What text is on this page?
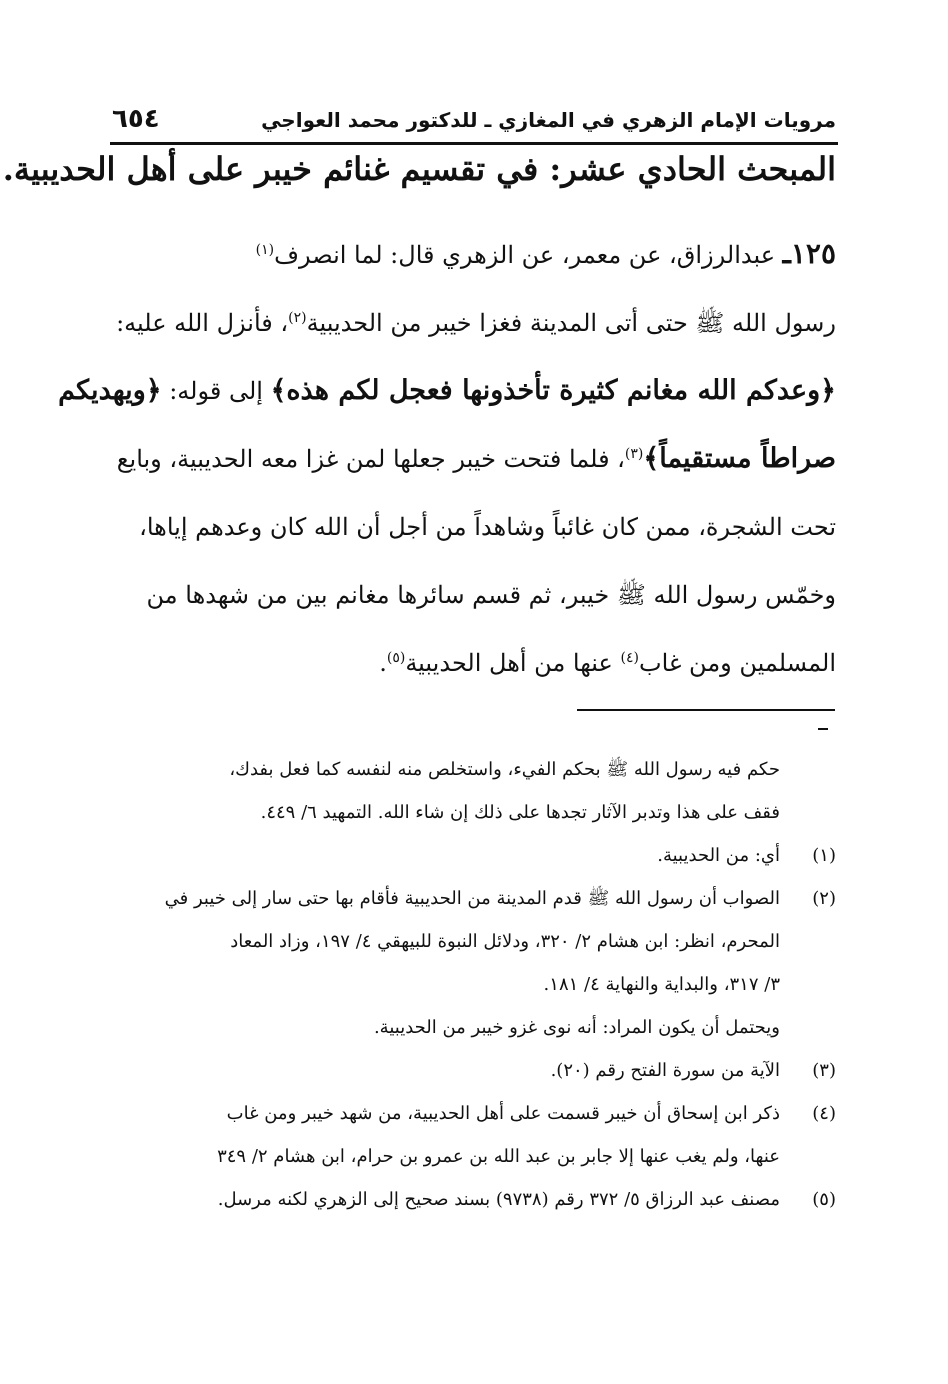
مرويات الإمام الزهري في المغازي ـ للدكتور محمد العواجي
٦٥٤
المبحث الحادي عشر: في تقسيم غنائم خيبر على أهل الحديبية.
١٢٥ـ عبدالرزاق، عن معمر، عن الزهري قال: لما انصرف$^{(١)}$
رسول الله ﷺ حتى أتى المدينة فغزا خيبر من الحديبية$^{(٢)}$، فأنزل الله عليه:
﴿وعدكم الله مغانم كثيرة تأخذونها فعجل لكم هذه﴾ إلى قوله: ﴿ويهديكم
صراطاً مستقيماً﴾$^{(٣)}$، فلما فتحت خيبر جعلها لمن غزا معه الحديبية، وبايع
تحت الشجرة، ممن كان غائباً وشاهداً من أجل أن الله كان وعدهم إياها،
وخمّس رسول الله ﷺ خيبر، ثم قسم سائرها مغانم بين من شهدها من
المسلمين ومن غاب$^{(٤)}$ عنها من أهل الحديبية$^{(٥)}$.
حكم فيه رسول الله ﷺ بحكم الفيء، واستخلص منه لنفسه كما فعل بفدك،
فقف على هذا وتدبر الآثار تجدها على ذلك إن شاء الله. التمهيد ٦/ ٤٤٩.
(١)
أي: من الحديبية.
(٢)
الصواب أن رسول الله ﷺ قدم المدينة من الحديبية فأقام بها حتى سار إلى خيبر في
المحرم، انظر: ابن هشام ٢/ ٣٢٠، ودلائل النبوة للبيهقي ٤/ ١٩٧، وزاد المعاد
٣/ ٣١٧، والبداية والنهاية ٤/ ١٨١.
ويحتمل أن يكون المراد: أنه نوى غزو خيبر من الحديبية.
(٣)
الآية من سورة الفتح رقم (٢٠).
(٤)
ذكر ابن إسحاق أن خيبر قسمت على أهل الحديبية، من شهد خيبر ومن غاب
عنها، ولم يغب عنها إلا جابر بن عبد الله بن عمرو بن حرام، ابن هشام ٢/ ٣٤٩
(٥)
مصنف عبد الرزاق ٥/ ٣٧٢ رقم (٩٧٣٨) بسند صحيح إلى الزهري لكنه مرسل.
